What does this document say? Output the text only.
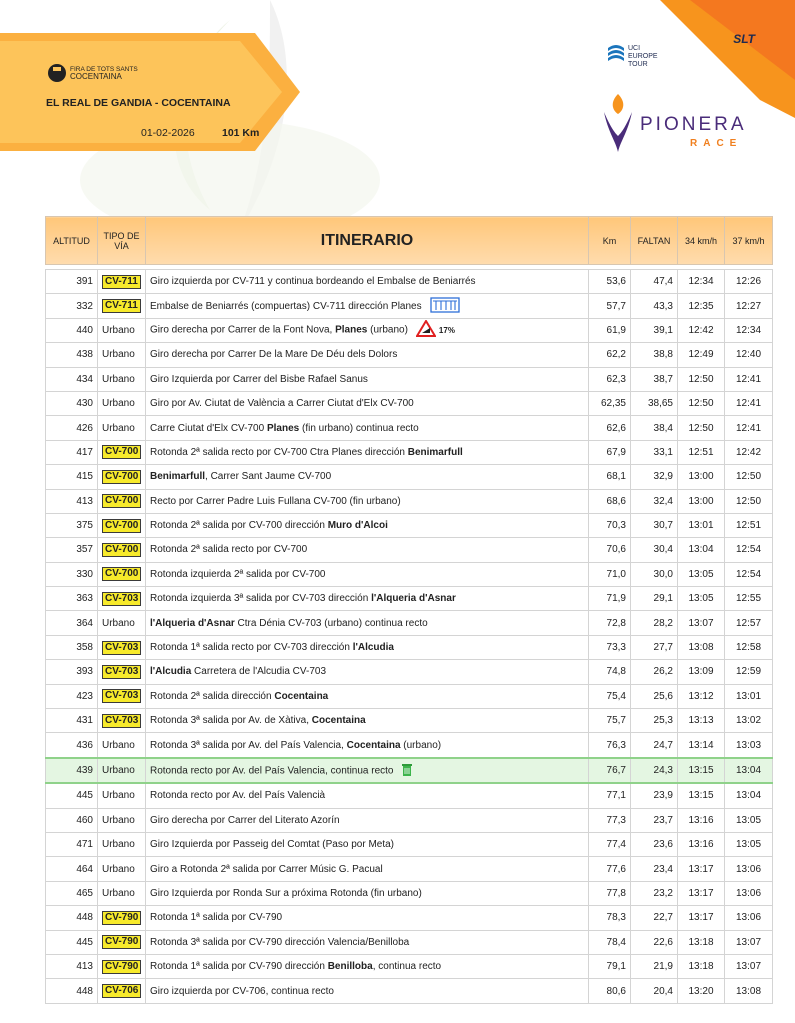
FIRA DE TOTS SANTS
COCENTAINA
EL REAL DE GANDIA - COCENTAINA
01-02-2026	101 Km
UCI
EUROPE
TOUR
SLT
PIONERA
RACE
ALTITUD	TIPO DE VÍA	ITINERARIO	Km	FALTAN	34 km/h	37 km/h

391	CV-711	Giro izquierda por CV-711 y continua bordeando el Embalse de Beniarrés	53,6	47,4	12:34	12:26
332	CV-711	Embalse de Beniarrés (compuertas) CV-711 dirección Planes	57,7	43,3	12:35	12:27
440	Urbano	Giro derecha por Carrer de la Font Nova, Planes (urbano) 17%	61,9	39,1	12:42	12:34
438	Urbano	Giro derecha por Carrer De la Mare De Déu dels Dolors	62,2	38,8	12:49	12:40
434	Urbano	Giro Izquierda por Carrer del Bisbe Rafael Sanus	62,3	38,7	12:50	12:41
430	Urbano	Giro por Av. Ciutat de València a Carrer Ciutat d'Elx CV-700	62,35	38,65	12:50	12:41
426	Urbano	Carre Ciutat d'Elx CV-700 Planes (fin urbano) continua recto	62,6	38,4	12:50	12:41
417	CV-700	Rotonda 2ª salida recto por CV-700 Ctra Planes dirección Benimarfull	67,9	33,1	12:51	12:42
415	CV-700	Benimarfull, Carrer Sant Jaume CV-700	68,1	32,9	13:00	12:50
413	CV-700	Recto por Carrer Padre Luis Fullana CV-700 (fin urbano)	68,6	32,4	13:00	12:50
375	CV-700	Rotonda 2ª salida por CV-700 dirección Muro d'Alcoi	70,3	30,7	13:01	12:51
357	CV-700	Rotonda 2ª salida recto por CV-700	70,6	30,4	13:04	12:54
330	CV-700	Rotonda izquierda 2ª salida por CV-700	71,0	30,0	13:05	12:54
363	CV-703	Rotonda izquierda 3ª salida por CV-703 dirección l'Alqueria d'Asnar	71,9	29,1	13:05	12:55
364	Urbano	l'Alqueria d'Asnar Ctra Dénia CV-703 (urbano) continua recto	72,8	28,2	13:07	12:57
358	CV-703	Rotonda 1ª salida recto por CV-703 dirección l'Alcudia	73,3	27,7	13:08	12:58
393	CV-703	l'Alcudia Carretera de l'Alcudia CV-703	74,8	26,2	13:09	12:59
423	CV-703	Rotonda 2ª salida dirección Cocentaina	75,4	25,6	13:12	13:01
431	CV-703	Rotonda 3ª salida por Av. de Xàtiva, Cocentaina	75,7	25,3	13:13	13:02
436	Urbano	Rotonda 3ª salida por Av. del País Valencia, Cocentaina (urbano)	76,3	24,7	13:14	13:03
439	Urbano	Rotonda recto por Av. del País Valencia, continua recto	76,7	24,3	13:15	13:04
445	Urbano	Rotonda recto por Av. del País Valencià	77,1	23,9	13:15	13:04
460	Urbano	Giro derecha por Carrer del Literato Azorín	77,3	23,7	13:16	13:05
471	Urbano	Giro Izquierda por Passeig del Comtat (Paso por Meta)	77,4	23,6	13:16	13:05
464	Urbano	Giro a Rotonda 2ª salida por Carrer Músic G. Pacual	77,6	23,4	13:17	13:06
465	Urbano	Giro Izquierda por Ronda Sur a próxima Rotonda (fin urbano)	77,8	23,2	13:17	13:06
448	CV-790	Rotonda 1ª salida por CV-790	78,3	22,7	13:17	13:06
445	CV-790	Rotonda 3ª salida por CV-790 dirección Valencia/Benilloba	78,4	22,6	13:18	13:07
413	CV-790	Rotonda 1ª salida por CV-790 dirección Benilloba, continua recto	79,1	21,9	13:18	13:07
448	CV-706	Giro izquierda por CV-706, continua recto	80,6	20,4	13:20	13:08
